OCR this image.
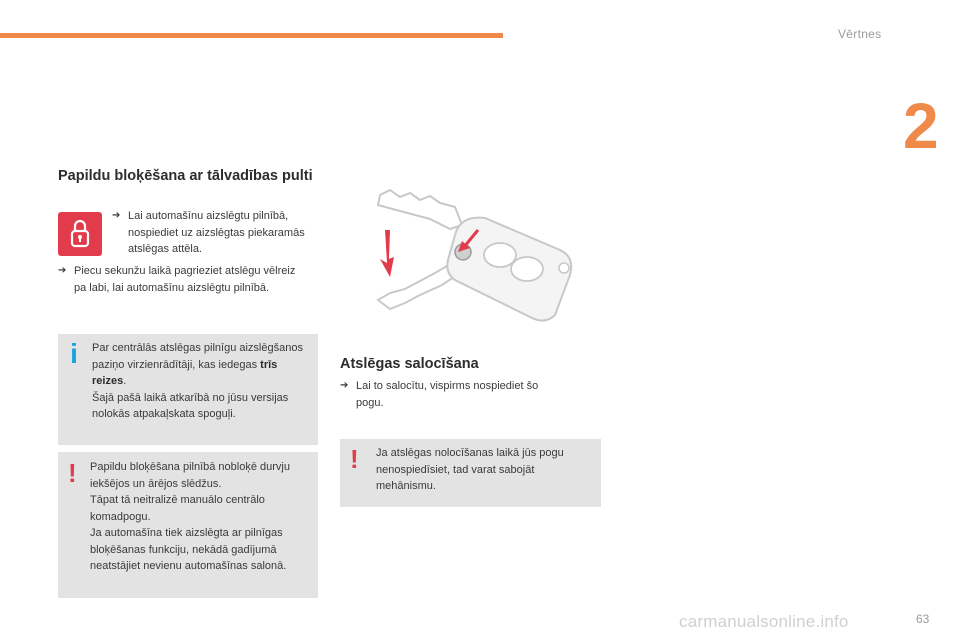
Vērtnes
2
Papildu bloķēšana ar tālvadības pulti
➔ Lai automašīnu aizslēgtu pilnībā, nospiediet uz aizslēgtas piekaramās atslēgas attēla.
➔ Piecu sekunžu laikā pagrieziet atslēgu vēlreiz pa labi, lai automašīnu aizslēgtu pilnībā.
i	Par centrālās atslēgas pilnīgu aizslēgšanos paziņo virzienrādītāji, kas iedegas trīs reizes.
Šajā pašā laikā atkarībā no jūsu versijas nolokās atpakaļskata spoguļi.
! Papildu bloķēšana pilnībā nobloķē durvju iekšējos un ārējos slēdžus.
Tāpat tā neitralizē manuālo centrālo komadpogu.
Ja automašīna tiek aizslēgta ar pilnīgas bloķēšanas funkciju, nekādā gadījumā neatstājiet nevienu automašīnas salonā.
Atslēgas salocīšana
➔ Lai to salocītu, vispirms nospiediet šo pogu.
! Ja atslēgas nolocīšanas laikā jūs pogu nenospiedīsiet, tad varat sabojāt mehānismu.
carmanualsonline.info	63
